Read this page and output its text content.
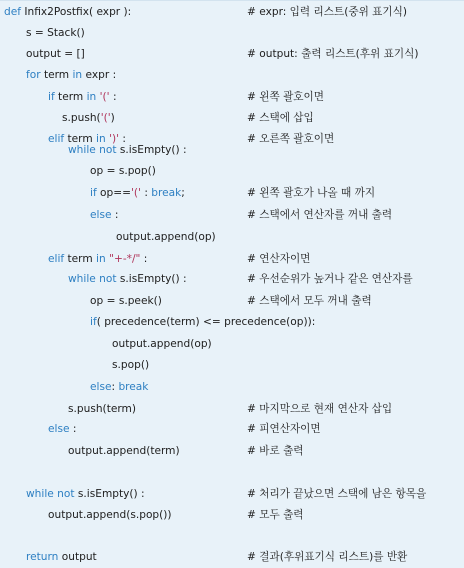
def Infix2Postfix( expr ):	# expr: 입력 리스트(중위 표기식)
s = Stack()
output = []	# output: 출력 리스트(후위 표기식)
for term in expr :
if term in '(' :	# 왼쪽 괄호이면
s.push('(')	# 스택에 삽입
elif term in ')' :	# 오른쪽 괄호이면
while not s.isEmpty() :
op = s.pop()
if op=='(' : break;	# 왼쪽 괄호가 나올 때 까지
else :	# 스택에서 연산자를 꺼내 출력
output.append(op)
elif term in "+-*/" :	# 연산자이면
while not s.isEmpty() :	# 우선순위가 높거나 같은 연산자를
op = s.peek()	# 스택에서 모두 꺼내 출력
if( precedence(term) <= precedence(op)):
output.append(op)
s.pop()
else: break
s.push(term)	# 마지막으로 현재 연산자 삽입
else :	# 피연산자이면
output.append(term)	# 바로 출력
while not s.isEmpty() :	# 처리가 끝났으면 스택에 남은 항목을
output.append(s.pop())	# 모두 출력
return output	# 결과(후위표기식 리스트)를 반환
